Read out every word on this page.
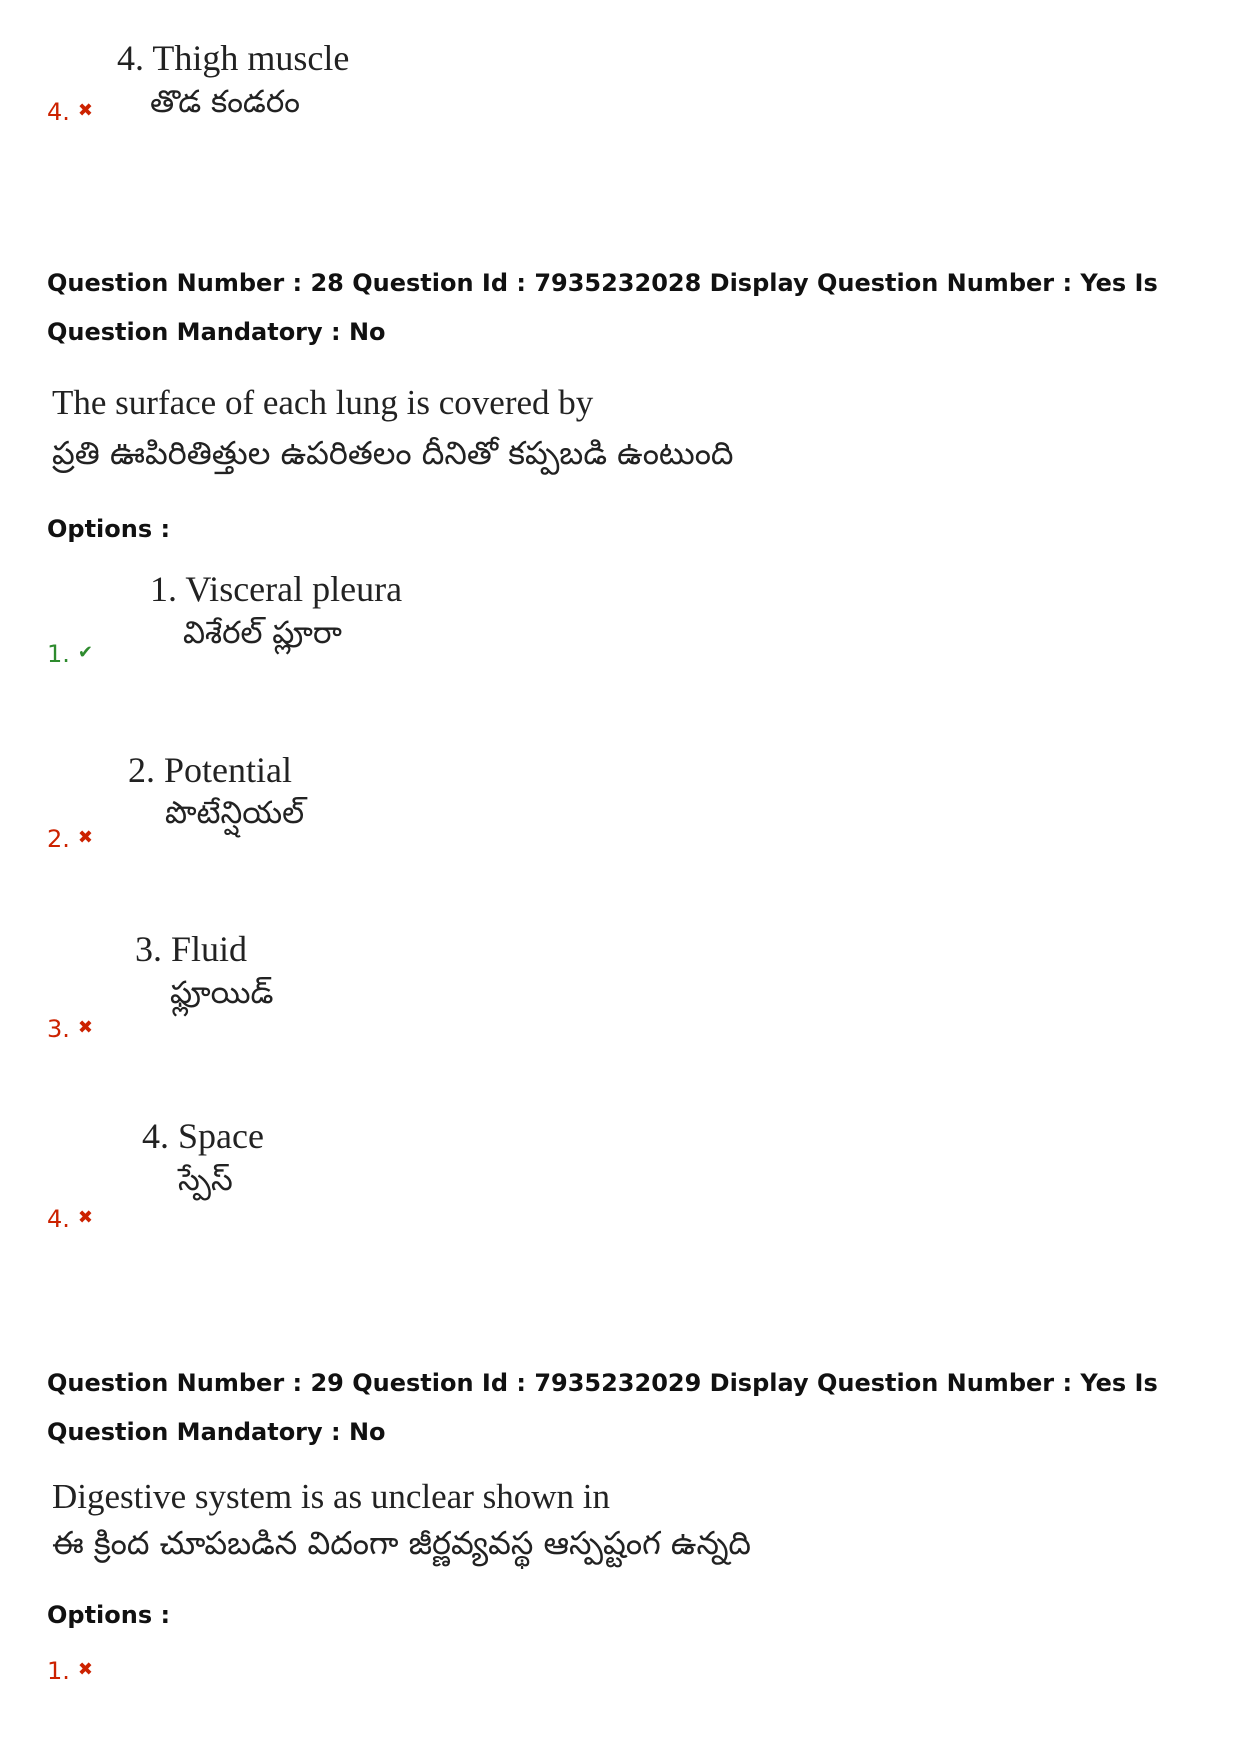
4. Thigh muscle
తొడ కండరం
4. ✖
Question Number : 28 Question Id : 7935232028 Display Question Number : Yes Is Question Mandatory : No
The surface of each lung is covered by
ప్రతి ఊపిరితిత్తుల ఉపరితలం దీనితో కప్పబడి ఉంటుంది
Options :
1. Visceral pleura
విశేరల్ ప్లూరా
1. ✔
2. Potential
పొటేన్షియల్
2. ✖
3. Fluid
ఫ్లూయిడ్
3. ✖
4. Space
స్పేస్
4. ✖
Question Number : 29 Question Id : 7935232029 Display Question Number : Yes Is Question Mandatory : No
Digestive system is as unclear shown in
ఈ క్రింద చూపబడిన విదంగా జీర్ణవ్యవస్థ ఆస్పష్టంగ ఉన్నది
Options :
1. ✖
